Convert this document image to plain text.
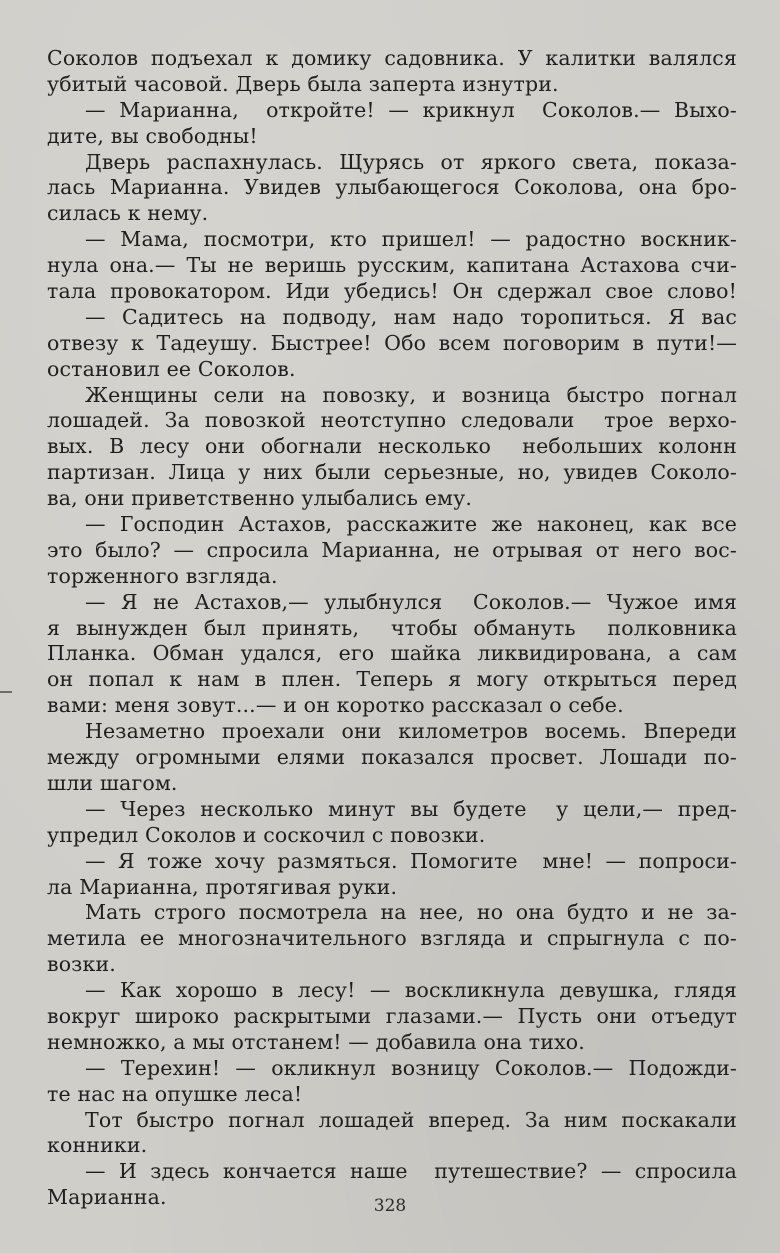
Соколов подъехал к домику садовника. У калитки валялся
убитый часовой. Дверь была заперта изнутри.
— Марианна,  откройте! — крикнул  Соколов.— Выхо-
дите, вы свободны!
Дверь распахнулась. Щурясь от яркого света, показа-
лась Марианна. Увидев улыбающегося Соколова, она бро-
силась к нему.
— Мама, посмотри, кто пришел! — радостно воскник-
нула она.— Ты не веришь русским, капитана Астахова счи-
тала провокатором. Иди убедись! Он сдержал свое слово!
— Садитесь на подводу, нам надо торопиться. Я вас
отвезу к Тадеушу. Быстрее! Обо всем поговорим в пути!—
остановил ее Соколов.
Женщины сели на повозку, и возница быстро погнал
лошадей. За повозкой неотступно следовали  трое верхо-
вых. В лесу они обогнали несколько  небольших колонн
партизан. Лица у них были серьезные, но, увидев Соколо-
ва, они приветственно улыбались ему.
— Господин Астахов, расскажите же наконец, как все
это было? — спросила Марианна, не отрывая от него вос-
торженного взгляда.
— Я не Астахов,— улыбнулся  Соколов.— Чужое имя
я вынужден был принять,  чтобы обмануть  полковника
Планка. Обман удался, его шайка ликвидирована, а сам
он попал к нам в плен. Теперь я могу открыться перед
вами: меня зовут...— и он коротко рассказал о себе.
Незаметно проехали они километров восемь. Впереди
между огромными елями показался просвет. Лошади по-
шли шагом.
— Через несколько минут вы будете  у цели,— пред-
упредил Соколов и соскочил с повозки.
— Я тоже хочу размяться. Помогите  мне! — попроси-
ла Марианна, протягивая руки.
Мать строго посмотрела на нее, но она будто и не за-
метила ее многозначительного взгляда и спрыгнула с по-
возки.
— Как хорошо в лесу! — воскликнула девушка, глядя
вокруг широко раскрытыми глазами.— Пусть они отъедут
немножко, а мы отстанем! — добавила она тихо.
— Терехин! — окликнул возницу Соколов.— Подожди-
те нас на опушке леса!
Тот быстро погнал лошадей вперед. За ним поскакали
конники.
— И здесь кончается наше  путешествие? — спросила
Марианна.	328
